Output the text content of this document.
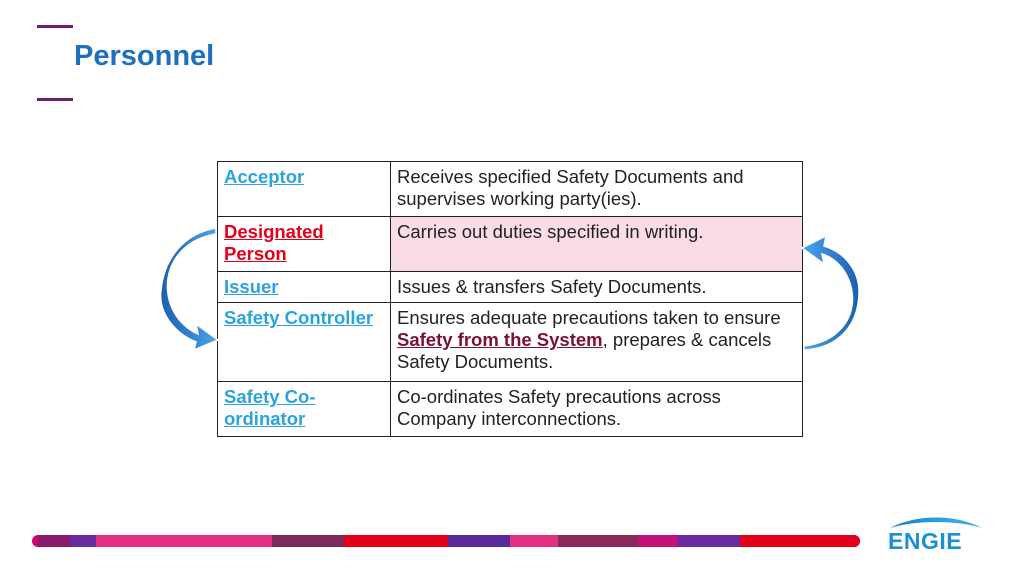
Personnel
Acceptor	Receives specified Safety Documents and supervises working party(ies).
Designated Person	Carries out duties specified in writing.
Issuer	Issues & transfers Safety Documents.
Safety Controller	Ensures adequate precautions taken to ensure Safety from the System, prepares & cancels Safety Documents.
Safety Co-ordinator	Co-ordinates Safety precautions across Company interconnections.
ENGIE
